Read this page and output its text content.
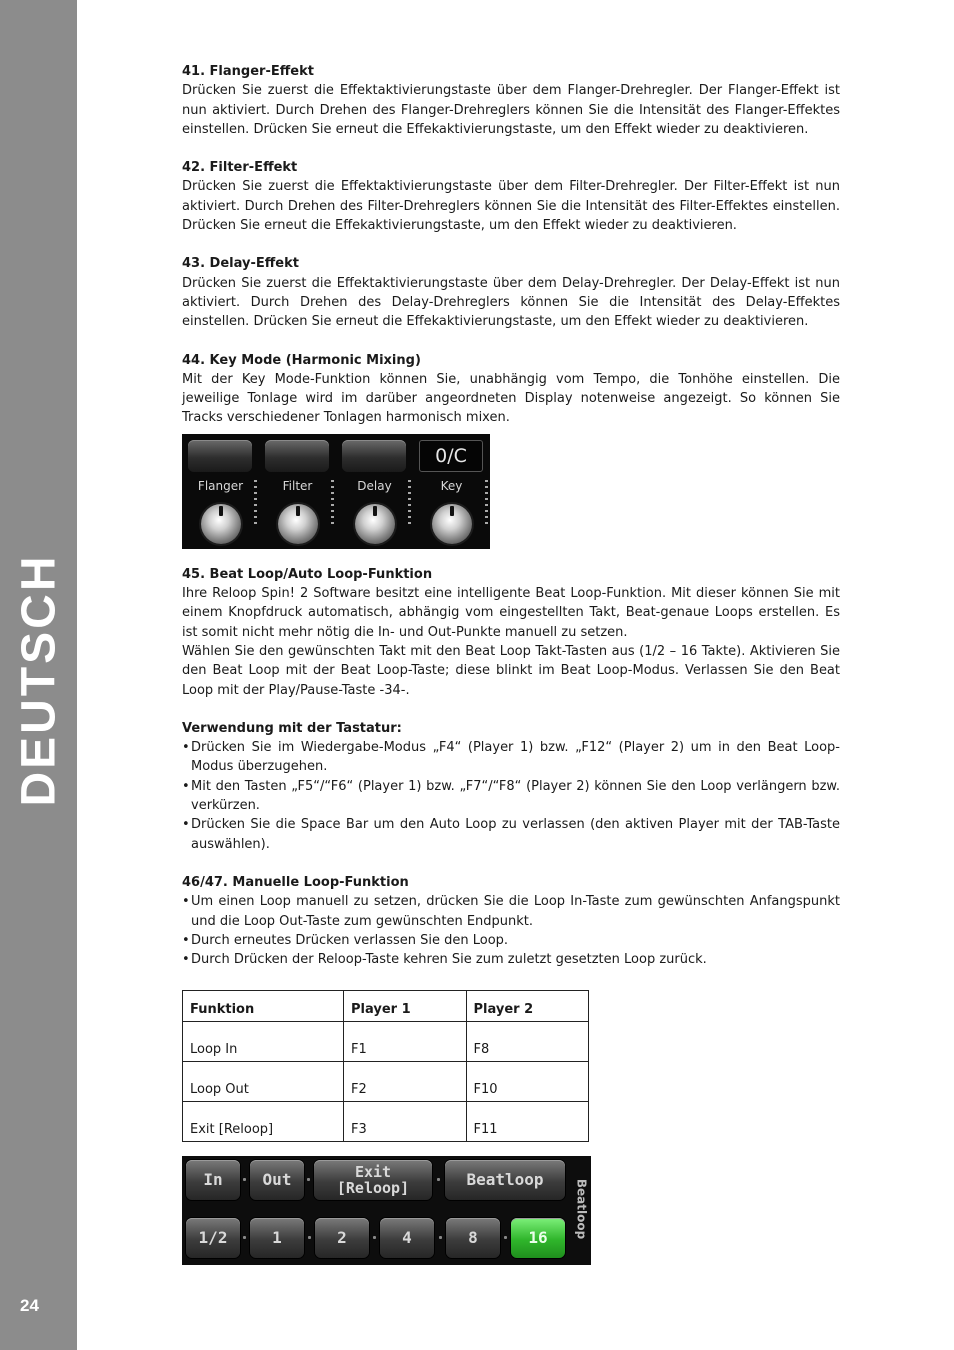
DEUTSCH
24
41. Flanger-Effekt
Drücken Sie zuerst die Effektaktivierungstaste über dem Flanger-Drehregler. Der Flanger-Effekt ist nun aktiviert. Durch Drehen des Flanger-Drehreglers können Sie die Intensität des Flanger-Effektes einstellen. Drücken Sie erneut die Effekaktivierungstaste, um den Effekt wieder zu deaktivieren.
42. Filter-Effekt
Drücken Sie zuerst die Effektaktivierungstaste über dem Filter-Drehregler. Der Filter-Effekt ist nun aktiviert. Durch Drehen des Filter-Drehreglers können Sie die Intensität des Filter-Effektes einstellen. Drücken Sie erneut die Effekaktivierungstaste, um den Effekt wieder zu deaktivieren.
43. Delay-Effekt
Drücken Sie zuerst die Effektaktivierungstaste über dem Delay-Drehregler. Der Delay-Effekt ist nun aktiviert. Durch Drehen des Delay-Drehreglers können Sie die Intensität des Delay-Effektes einstellen. Drücken Sie erneut die Effekaktivierungstaste, um den Effekt wieder zu deaktivieren.
44. Key Mode (Harmonic Mixing)
Mit der Key Mode-Funktion können Sie, unabhängig vom Tempo, die Tonhöhe einstellen. Die jeweilige Tonlage wird im darüber angeordneten Display notenweise angezeigt. So können Sie Tracks verschiedener Tonlagen harmonisch mixen.
Flanger	Filter	Delay
0/C
Key
45. Beat Loop/Auto Loop-Funktion
Ihre Reloop Spin! 2 Software besitzt eine intelligente Beat Loop-Funktion. Mit dieser können Sie mit einem Knopfdruck automatisch, abhängig vom eingestellten Takt, Beat-genaue Loops erstellen. Es ist somit nicht mehr nötig die In- und Out-Punkte manuell zu setzen.
Wählen Sie den gewünschten Takt mit den Beat Loop Takt-Tasten aus (1/2 – 16 Takte). Aktivieren Sie den Beat Loop mit der Beat Loop-Taste; diese blinkt im Beat Loop-Modus. Verlassen Sie den Beat Loop mit der Play/Pause-Taste -34-.
Verwendung mit der Tastatur:
• Drücken Sie im Wiedergabe-Modus „F4“ (Player 1) bzw. „F12“ (Player 2) um in den Beat Loop-Modus überzugehen.
• Mit den Tasten „F5“/“F6“ (Player 1) bzw. „F7“/“F8“ (Player 2) können Sie den Loop verlängern bzw. verkürzen.
• Drücken Sie die Space Bar um den Auto Loop zu verlassen (den aktiven Player mit der TAB-Taste auswählen).
46/47. Manuelle Loop-Funktion
• Um einen Loop manuell zu setzen, drücken Sie die Loop In-Taste zum gewünschten Anfangspunkt und die Loop Out-Taste zum gewünschten Endpunkt.
• Durch erneutes Drücken verlassen Sie den Loop.
• Durch Drücken der Reloop-Taste kehren Sie zum zuletzt gesetzten Loop zurück.
Funktion	Player 1	Player 2
Loop In	F1	F8
Loop Out	F2	F10
Exit [Reloop]	F3	F11
In	Out	Exit
[Reloop]	Beatloop
1/2	1	2	4	8	16	Beatloop
